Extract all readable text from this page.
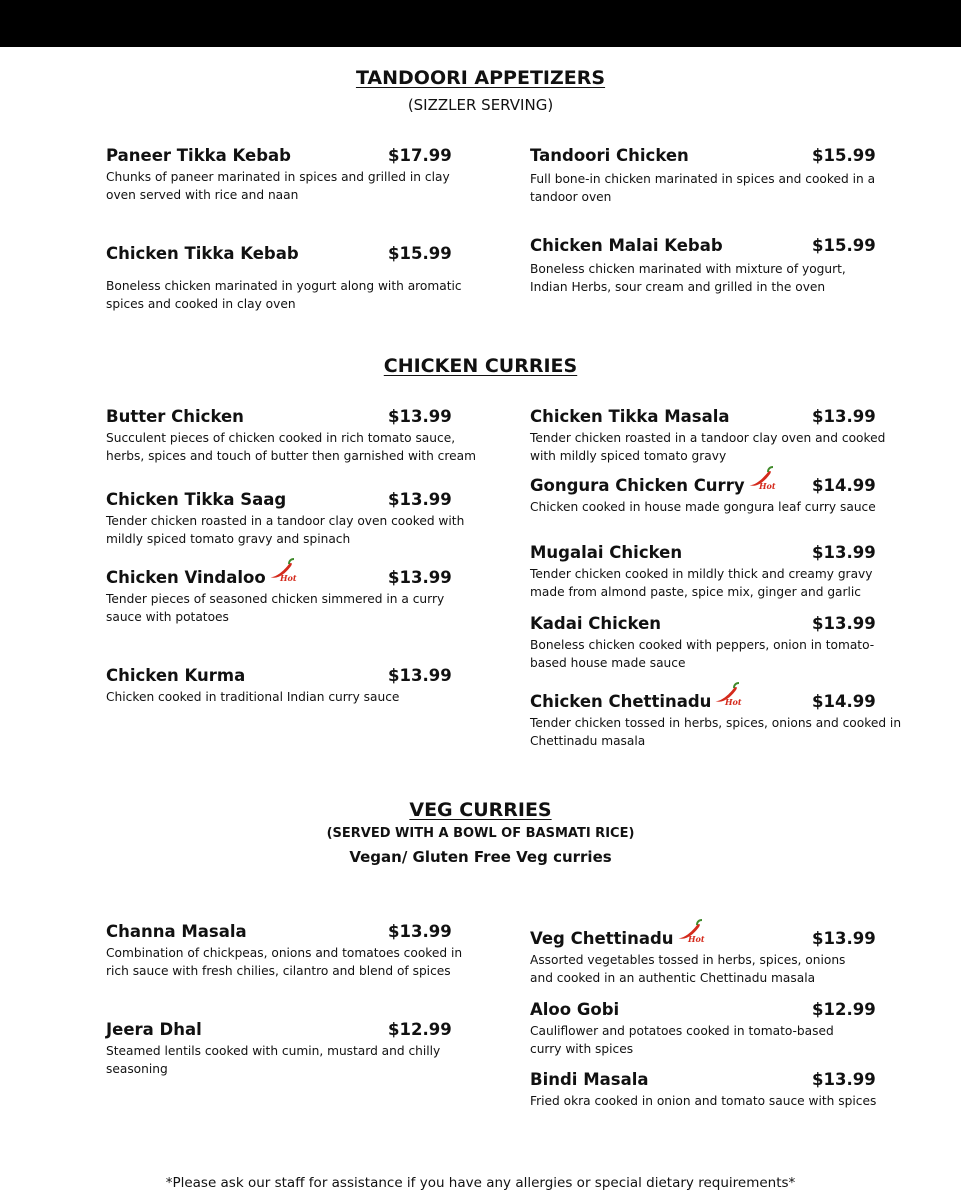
TANDOORI APPETIZERS
(SIZZLER SERVING)
Paneer Tikka Kebab	$17.99
Chunks of paneer marinated in spices and grilled in clay
oven served with rice and naan
Tandoori Chicken	$15.99
Full bone-in chicken marinated in spices and cooked in a
tandoor oven
Chicken Tikka Kebab	$15.99
Boneless chicken marinated in yogurt along with aromatic
spices and cooked in clay oven
Chicken Malai Kebab	$15.99
Boneless chicken marinated with mixture of yogurt,
Indian Herbs, sour cream and grilled in the oven
CHICKEN CURRIES
Butter Chicken	$13.99
Succulent pieces of chicken cooked in rich tomato sauce,
herbs, spices and touch of butter then garnished with cream
Chicken Tikka Masala	$13.99
Tender chicken roasted in a tandoor clay oven and cooked
with mildly spiced tomato gravy
Gongura Chicken Curry Hot $14.99
Chicken cooked in house made gongura leaf curry sauce
Chicken Tikka Saag	$13.99
Tender chicken roasted in a tandoor clay oven cooked with
mildly spiced tomato gravy and spinach
Chicken Vindaloo Hot	$13.99
Tender pieces of seasoned chicken simmered in a curry
sauce with potatoes
Mugalai Chicken	$13.99
Tender chicken cooked in mildly thick and creamy gravy
made from almond paste, spice mix, ginger and garlic
Kadai Chicken	$13.99
Boneless chicken cooked with peppers, onion in tomato-
based house made sauce
Chicken Kurma	$13.99
Chicken cooked in traditional Indian curry sauce	Chicken Chettinadu Hot	$14.99
Tender chicken tossed in herbs, spices, onions and cooked in
Chettinadu masala
VEG CURRIES
(SERVED WITH A BOWL OF BASMATI RICE)
Vegan/ Gluten Free Veg curries
Channa Masala	$13.99
Combination of chickpeas, onions and tomatoes cooked in
rich sauce with fresh chilies, cilantro and blend of spices
Veg Chettinadu Hot	$13.99
Assorted vegetables tossed in herbs, spices, onions
and cooked in an authentic Chettinadu masala
Aloo Gobi	$12.99
Cauliflower and potatoes cooked in tomato-based
curry with spices
Jeera Dhal	$12.99
Steamed lentils cooked with cumin, mustard and chilly
seasoning
Bindi Masala	$13.99
Fried okra cooked in onion and tomato sauce with spices
*Please ask our staff for assistance if you have any allergies or special dietary requirements*
